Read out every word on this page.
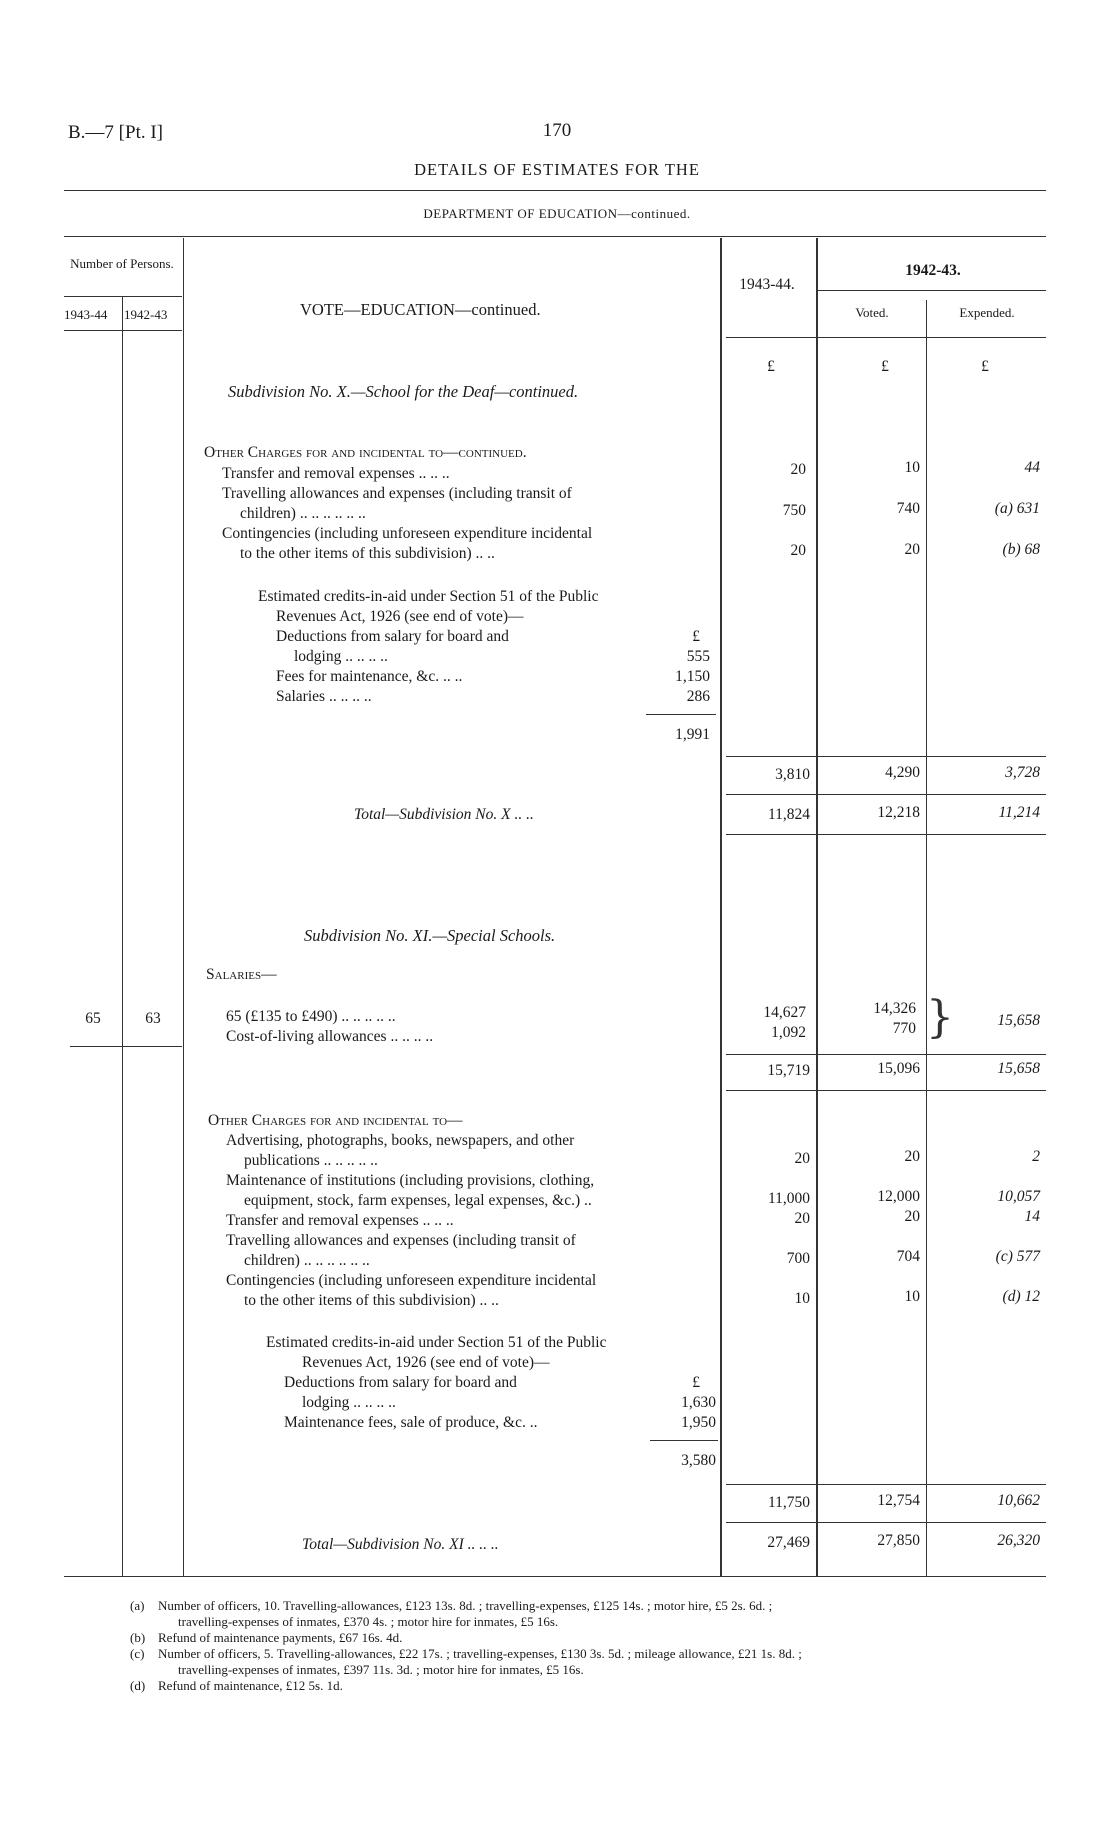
B.—7 [Pt. I]	170
DETAILS OF ESTIMATES FOR THE
DEPARTMENT OF EDUCATION—continued.
Number of Persons.
1943-44 1942-43	VOTE—EDUCATION—continued.
1943-44.
1942-43.
Voted.	Expended.
£	£	£
Subdivision No. X.—School for the Deaf—continued.
Other Charges for and incidental to—continued.
Transfer and removal expenses .. .. ..	20	10	44
Travelling allowances and expenses (including transit of
children) .. .. .. .. .. ..	750	740	(a) 631
Contingencies (including unforeseen expenditure incidental
to the other items of this subdivision) .. ..	20	20	(b) 68
Estimated credits-in-aid under Section 51 of the Public
Revenues Act, 1926 (see end of vote)—
£
Deductions from salary for board and
lodging .. .. .. ..	555
Fees for maintenance, &c. .. ..	1,150
Salaries .. .. .. ..	286
1,991
3,810	4,290	3,728
Total—Subdivision No. X .. ..	11,824	12,218	11,214
Subdivision No. XI.—Special Schools.
Salaries—
65	63	65 (£135 to £490) .. .. .. .. ..	14,627	14,326
Cost-of-living allowances .. .. .. ..	1,092	770 }	15,658
15,719	15,096	15,658
Other Charges for and incidental to—
Advertising, photographs, books, newspapers, and other
publications .. .. .. .. ..	20	20	2
Maintenance of institutions (including provisions, clothing,
equipment, stock, farm expenses, legal expenses, &c.) ..	11,000	12,000	10,057
Transfer and removal expenses .. .. ..	20	20	14
Travelling allowances and expenses (including transit of
children) .. .. .. .. .. ..	700	704	(c) 577
Contingencies (including unforeseen expenditure incidental
to the other items of this subdivision) .. ..	10	10	(d) 12
Estimated credits-in-aid under Section 51 of the Public
Revenues Act, 1926 (see end of vote)—
£
Deductions from salary for board and
lodging .. .. .. ..	1,630
Maintenance fees, sale of produce, &c. ..	1,950
3,580
11,750	12,754	10,662
Total—Subdivision No. XI .. .. ..	27,469	27,850	26,320
(a) Number of officers, 10. Travelling-allowances, £123 13s. 8d. ; travelling-expenses, £125 14s. ; motor hire, £5 2s. 6d. ;
travelling-expenses of inmates, £370 4s. ; motor hire for inmates, £5 16s.
(b) Refund of maintenance payments, £67 16s. 4d.
(c) Number of officers, 5. Travelling-allowances, £22 17s. ; travelling-expenses, £130 3s. 5d. ; mileage allowance, £21 1s. 8d. ;
travelling-expenses of inmates, £397 11s. 3d. ; motor hire for inmates, £5 16s.
(d) Refund of maintenance, £12 5s. 1d.
